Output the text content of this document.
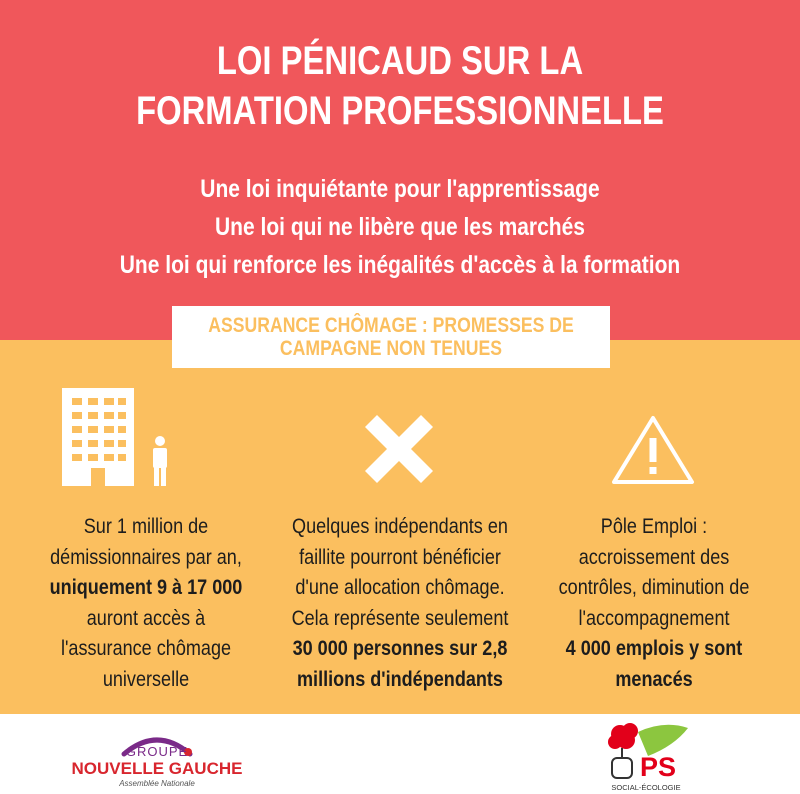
LOI PÉNICAUD SUR LA
FORMATION PROFESSIONNELLE
Une loi inquiétante pour l'apprentissage
Une loi qui ne libère que les marchés
Une loi qui renforce les inégalités d'accès à la formation
ASSURANCE CHÔMAGE : PROMESSES DE
CAMPAGNE NON TENUES
Sur 1 million de
démissionnaires par an,
uniquement 9 à 17 000
auront accès à
l'assurance chômage
universelle
Quelques indépendants en
faillite pourront bénéficier
d'une allocation chômage.
Cela représente seulement
30 000 personnes sur 2,8
millions d'indépendants
Pôle Emploi :
accroissement des
contrôles, diminution de
l'accompagnement
4 000 emplois y sont
menacés
GROUPE
NOUVELLE GAUCHE
Assemblée Nationale
PS
SOCIAL-ÉCOLOGIE
